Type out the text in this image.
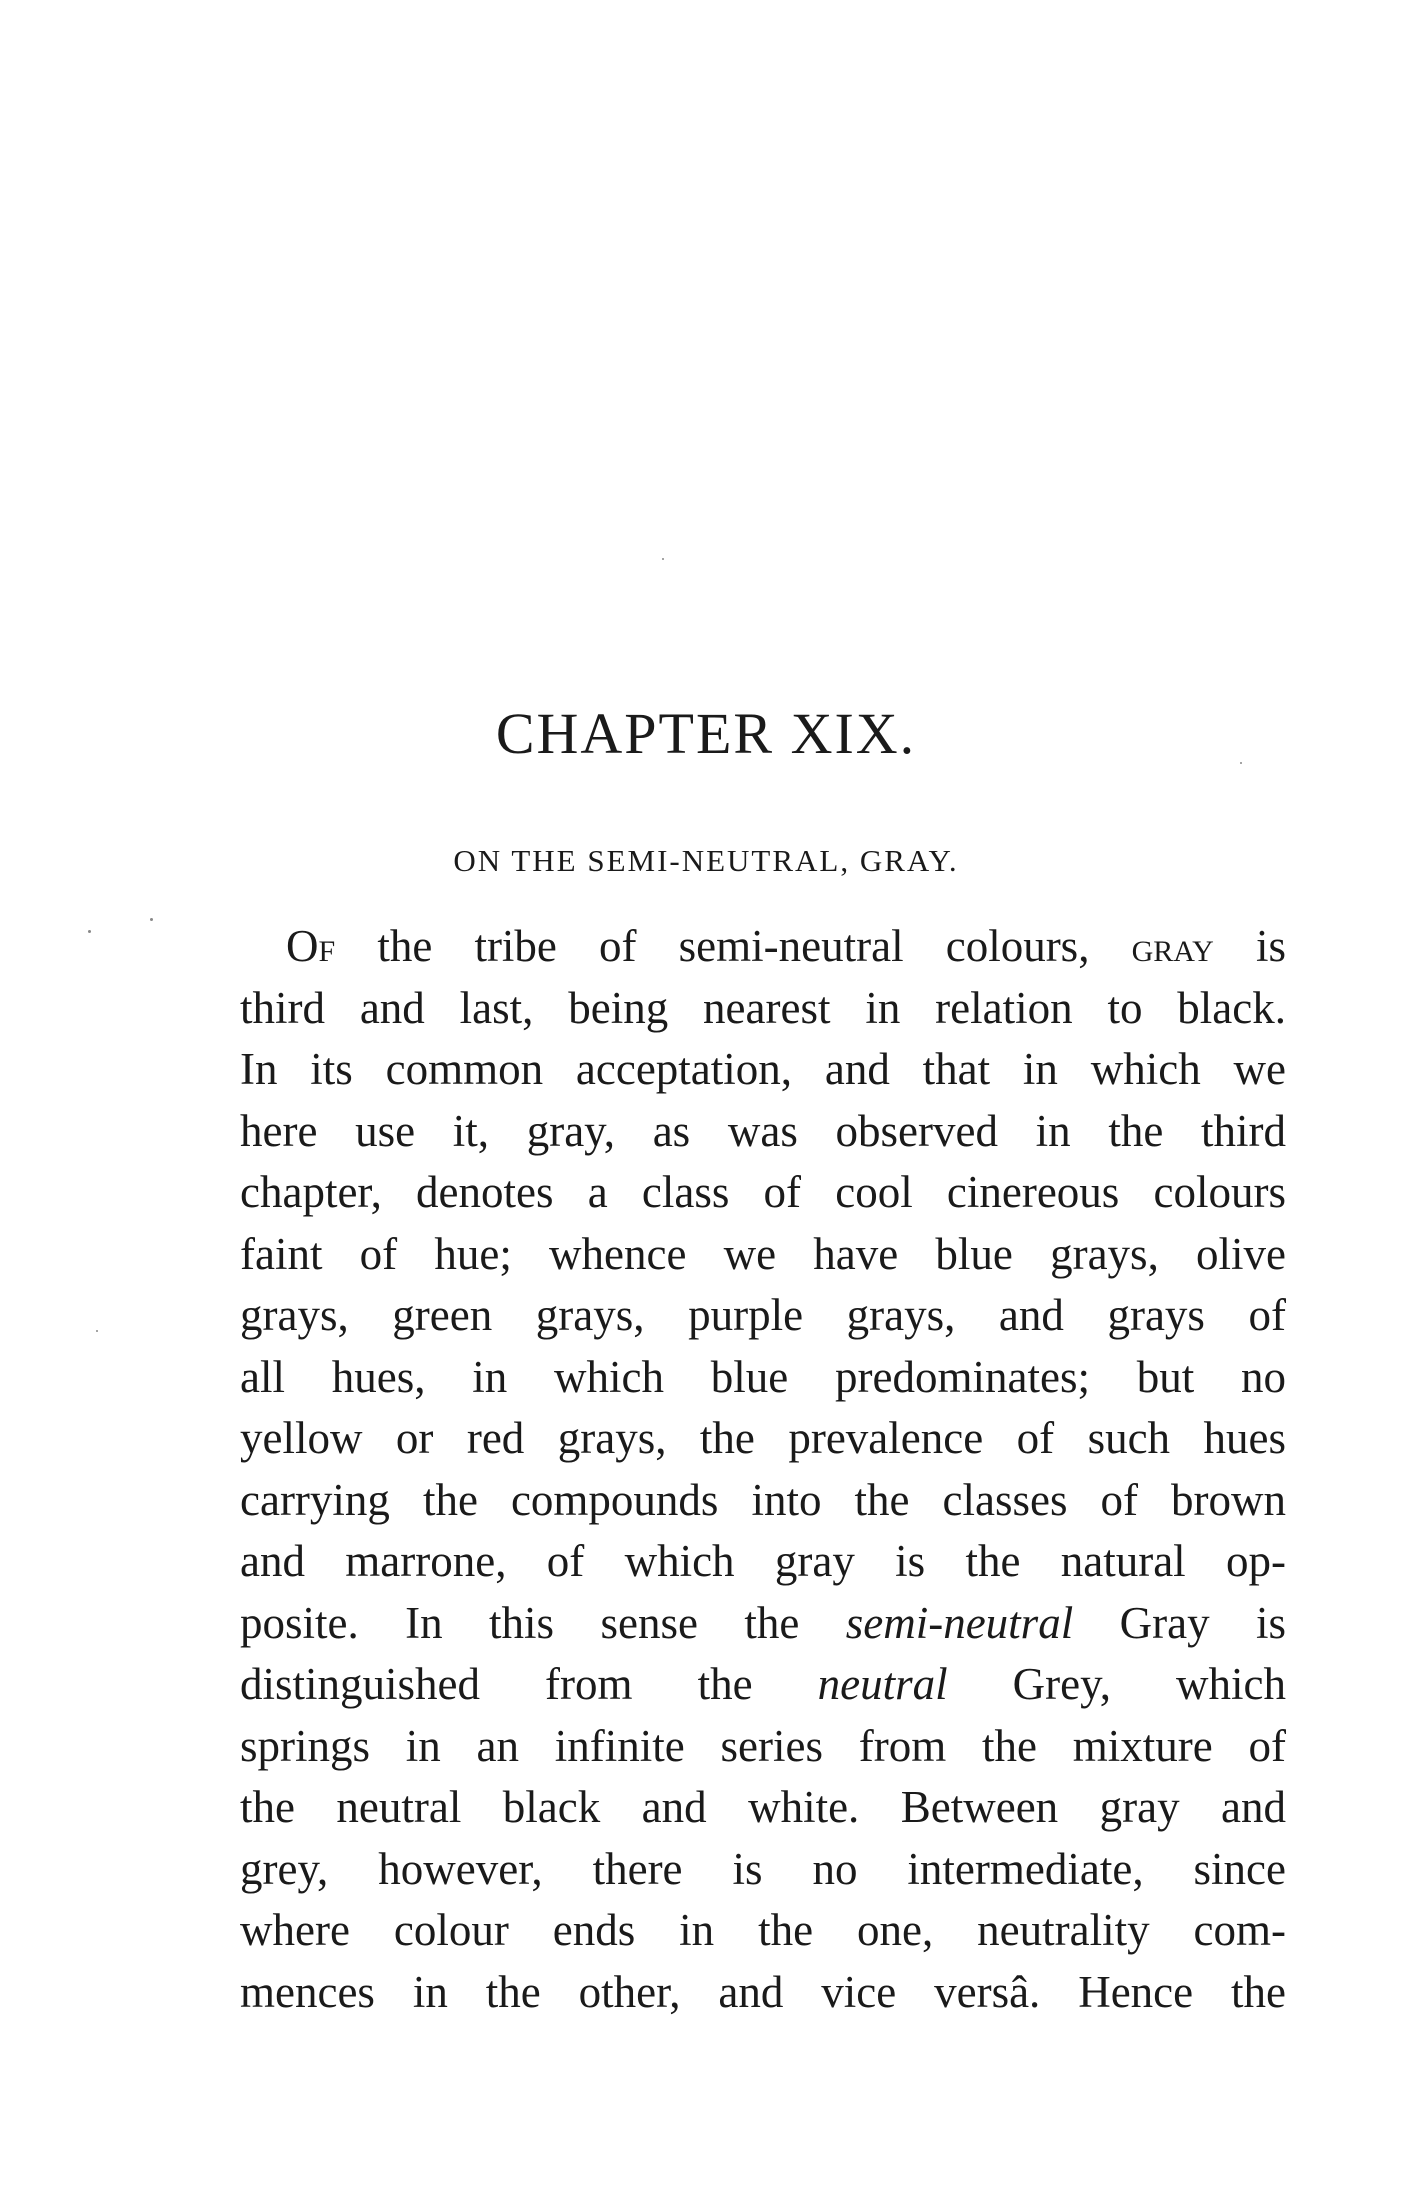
CHAPTER XIX.
ON THE SEMI-NEUTRAL, GRAY.
OF the tribe of semi-neutral colours, GRAY is
third and last, being nearest in relation to black.
In its common acceptation, and that in which we
here use it, gray, as was observed in the third
chapter, denotes a class of cool cinereous colours
faint of hue; whence we have blue grays, olive
grays, green grays, purple grays, and grays of
all hues, in which blue predominates; but no
yellow or red grays, the prevalence of such hues
carrying the compounds into the classes of brown
and marrone, of which gray is the natural op-
posite. In this sense the semi-neutral Gray is
distinguished from the neutral Grey, which
springs in an infinite series from the mixture of
the neutral black and white. Between gray and
grey, however, there is no intermediate, since
where colour ends in the one, neutrality com-
mences in the other, and vice versâ. Hence the
